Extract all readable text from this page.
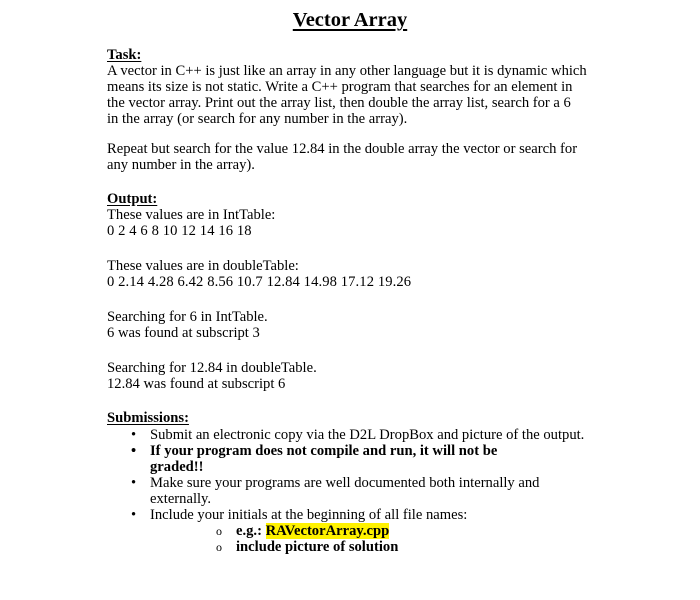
Vector Array

Task:

A vector in C++ is just like an array in any other language but it is dynamic which

means its size is not static. Write a C++ program that searches for an element in

the vector array. Print out the array list, then double the array list, search for a 6

in the array (or search for any number in the array).

Repeat but search for the value 12.84 in the double array the vector or search for

any number in the array).

Output:

These values are in IntTable:

0 2 4 6 8 10 12 14 16 18

These values are in doubleTable:

0 2.14 4.28 6.42 8.56 10.7 12.84 14.98 17.12 19.26

Searching for 6 in IntTable.

6 was found at subscript 3

Searching for 12.84 in doubleTable.

12.84 was found at subscript 6

Submissions:

• Submit an electronic copy via the D2L DropBox and picture of the output.
• If your program does not compile and run, it will not be
graded!!
• Make sure your programs are well documented both internally and
externally.
• Include your initials at the beginning of all file names:
o e.g.: RAVectorArray.cpp
o include picture of solution
